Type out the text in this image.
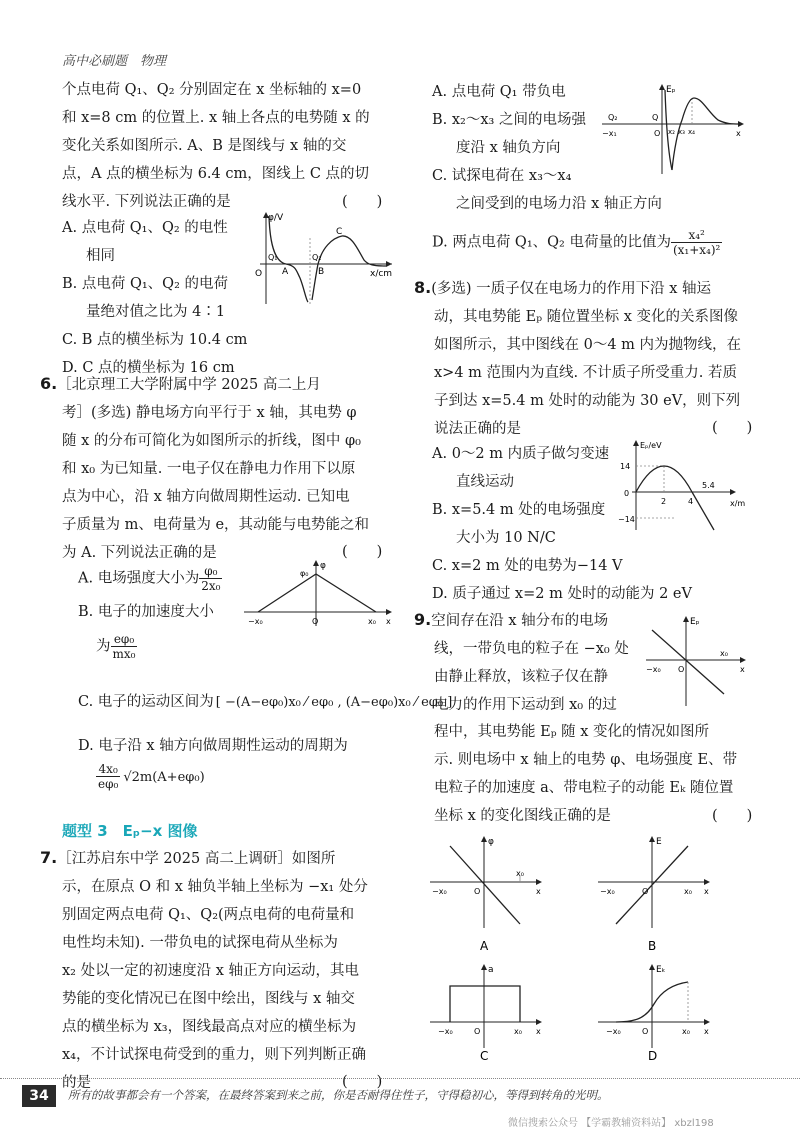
高中必刷题　物理

个点电荷 Q₁、Q₂ 分别固定在 x 坐标轴的 x=0

和 x=8 cm 的位置上. x 轴上各点的电势随 x 的

变化关系如图所示. A、B 是图线与 x 轴的交

点，A 点的横坐标为 6.4 cm，图线上 C 点的切

线水平. 下列说法正确的是	(　　)

A. 点电荷 Q₁、Q₂ 的电性

相同

B. 点电荷 Q₁、Q₂ 的电荷

量绝对值之比为 4∶1

C. B 点的横坐标为 10.4 cm

D. C 点的横坐标为 16 cm

φ/V
x/cm
O
Q₁	Q₂
A	B
C

6.［北京理工大学附属中学 2025 高二上月

考］(多选) 静电场方向平行于 x 轴，其电势 φ

随 x 的分布可简化为如图所示的折线，图中 φ₀

和 x₀ 为已知量. 一电子仅在静电力作用下以原

点为中心，沿 x 轴方向做周期性运动. 已知电

子质量为 m、电荷量为 e，其动能与电势能之和

为 A. 下列说法正确的是	(　　)
A. 电场强度大小为 $\frac{\text{φ₀}}{\text{2x₀}}$
B. 电子的加速度大小
为 $\frac{\text{eφ₀}}{\text{mx₀}}$
C. 电子的运动区间为 [ −(A−eφ₀)x₀ ⁄ eφ₀ , (A−eφ₀)x₀ ⁄ eφ₀ ]
D. 电子沿 x 轴方向做周期性运动的周期为
$\frac{\text{4x₀}}{\text{eφ₀}} √2m(A+e\varphi_0)$
φ
φ₀
−x₀	O	x₀ x
题型 3　Eₚ−x 图像

7.［江苏启东中学 2025 高二上调研］如图所

示，在原点 O 和 x 轴负半轴上坐标为 −x₁ 处分

别固定两点电荷 Q₁、Q₂(两点电荷的电荷量和

电性均未知). 一带负电的试探电荷从坐标为

x₂ 处以一定的初速度沿 x 轴正方向运动，其电

势能的变化情况已在图中绘出，图线与 x 轴交

点的横坐标为 x₃，图线最高点对应的横坐标为

x₄，不计试探电荷受到的重力，则下列判断正确

的是	(　　)

A. 点电荷 Q₁ 带负电

B. x₂～x₃ 之间的电场强

度沿 x 轴负方向

C. 试探电荷在 x₃～x₄

之间受到的电场力沿 x 轴正方向

D. 两点电荷 Q₁、Q₂ 电荷量的比值为 $\frac{\text{x₄²}}{\text{(x₁+x₄)²}}$
Eₚ
Q₂	Q
O
−x₁	x₂ x₃ x₄	x

8.(多选) 一质子仅在电场力的作用下沿 x 轴运

动，其电势能 Eₚ 随位置坐标 x 变化的关系图像

如图所示，其中图线在 0～4 m 内为抛物线，在

x>4 m 范围内为直线. 不计质子所受重力. 若质

子到达 x=5.4 m 处时的动能为 30 eV，则下列

说法正确的是	(　　)

A. 0～2 m 内质子做匀变速

直线运动

B. x=5.4 m 处的电场强度

大小为 10 N/C

C. x=2 m 处的电势为−14 V

D. 质子通过 x=2 m 处时的动能为 2 eV

Eₚ/eV
x/m
14
0
−14
2	4
5.4

9.空间存在沿 x 轴分布的电场

线，一带负电的粒子在 −x₀ 处

由静止释放，该粒子仅在静

电力的作用下运动到 x₀ 的过

程中，其电势能 Eₚ 随 x 变化的情况如图所

示. 则电场中 x 轴上的电势 φ、电场强度 E、带

电粒子的加速度 a、带电粒子的动能 Eₖ 随位置

坐标 x 的变化图线正确的是	(　　)
Eₚ
−x₀ O
x₀
x
φ
−x₀	O
x₀
x
A
E
−x₀	O	x₀ x
B
a
−x₀	O	x₀ x
C
Eₖ
−x₀	O	x₀ x
D
34	所有的故事都会有一个答案，在最终答案到来之前，你是否耐得住性子，守得稳初心，等得到转角的光明。
微信搜索公众号 【学霸教辅资料站】 xbzl198
